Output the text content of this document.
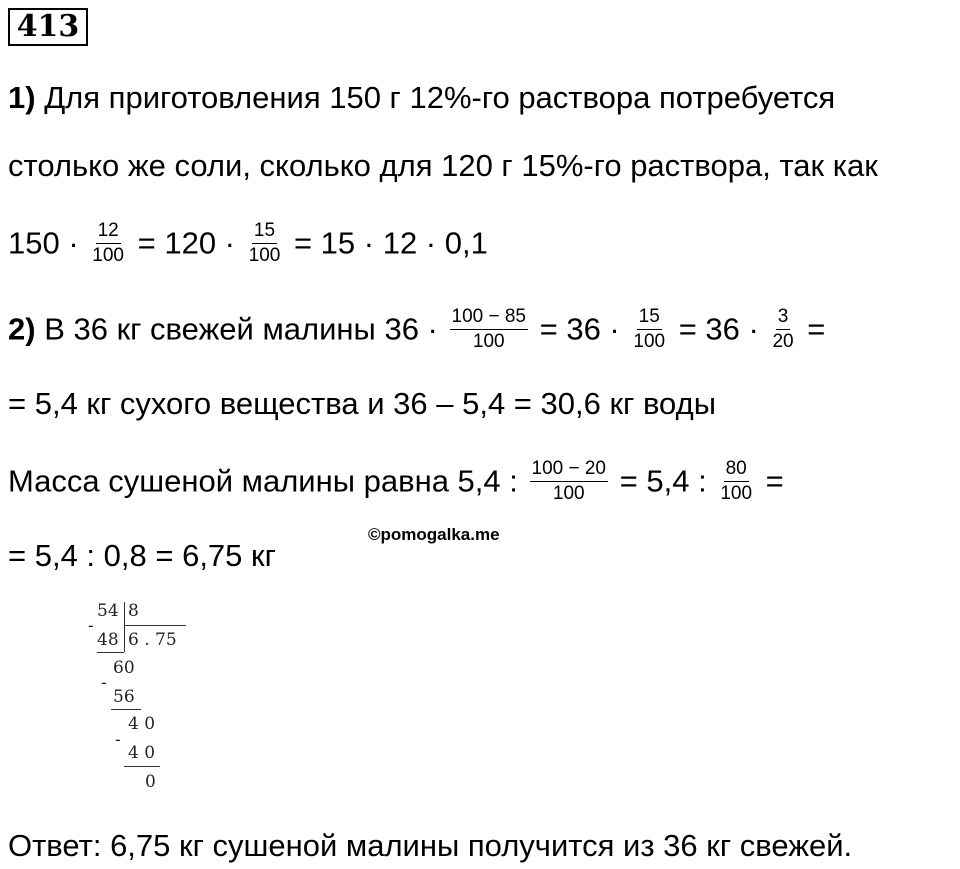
413
1) Для приготовления 150 г 12%-го раствора потребуется
столько же соли, сколько для 120 г 15%-го раствора, так как
$150 \cdot \frac{12}{100} = 120 \cdot \frac{15}{100} = 15 \cdot 12 \cdot 0,1$
2) В 36 кг свежей малины $36 \cdot \frac{100 - 85}{100} = 36 \cdot \frac{15}{100} = 36 \cdot \frac{3}{20}$ =
= 5,4 кг сухого вещества и 36 – 5,4 = 30,6 кг воды
Масса сушеной малины равна 5,4 : $\frac{100 - 20}{100} = 5,4$ : $\frac{80}{100}$ =
= 5,4 : 0,8 = 6,75 кг
©pomogalka.me
54 8
-
48 6 . 75
60
-
56
4 0
-
4 0
0
Ответ: 6,75 кг сушеной малины получится из 36 кг свежей.
